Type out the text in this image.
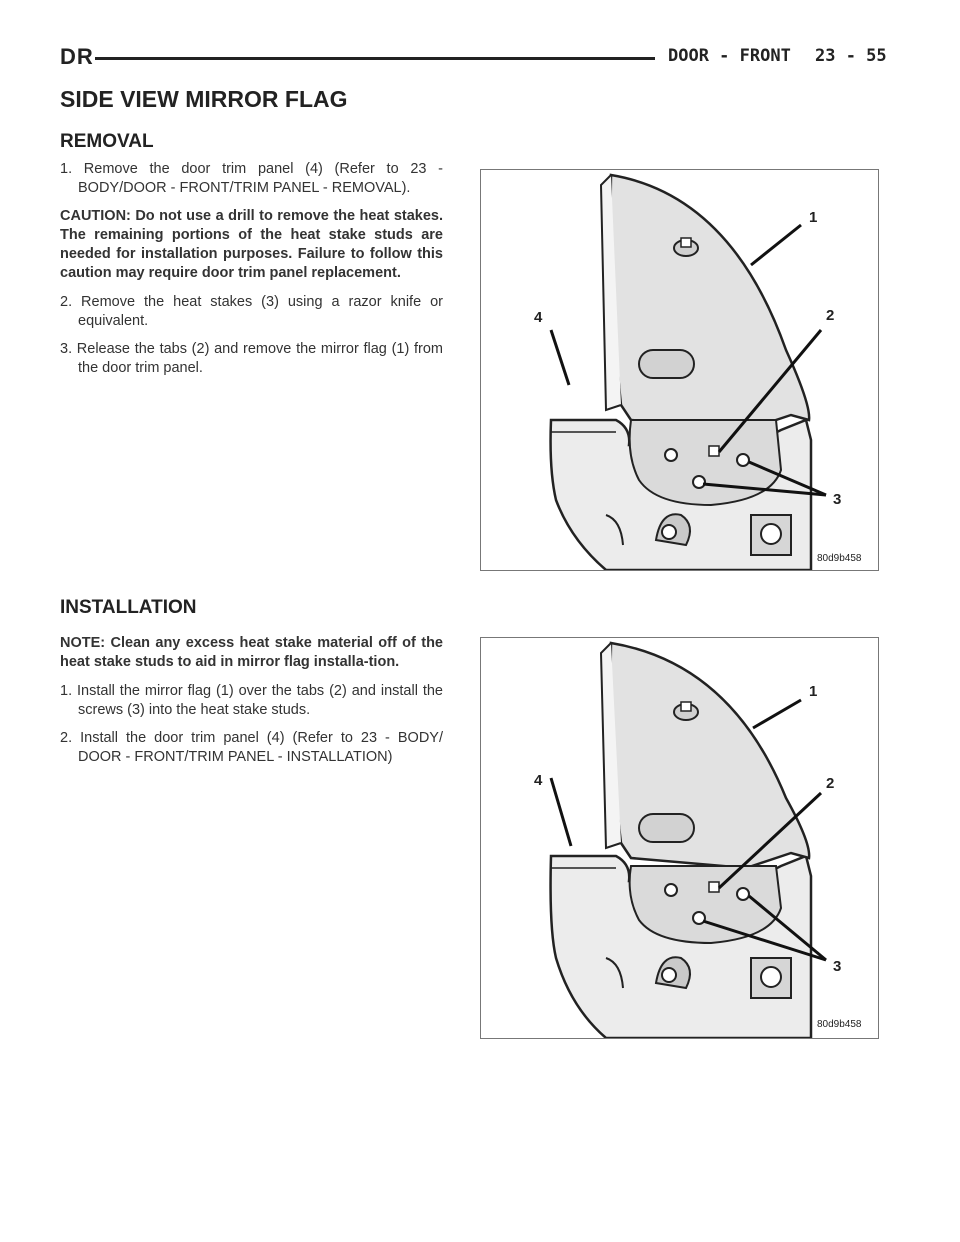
DR	DOOR - FRONT 23 - 55
SIDE VIEW MIRROR FLAG
REMOVAL

1. Remove the door trim panel (4) (Refer to 23 - BODY/DOOR - FRONT/TRIM PANEL - REMOVAL).

CAUTION: Do not use a drill to remove the heat stakes. The remaining portions of the heat stake studs are needed for installation purposes. Failure to follow this caution may require door trim panel replacement.

2. Remove the heat stakes (3) using a razor knife or equivalent.

3. Release the tabs (2) and remove the mirror flag (1) from the door trim panel.

1
2
3
4
80d9b458
INSTALLATION

NOTE: Clean any excess heat stake material off of the heat stake studs to aid in mirror flag installa-tion.

1. Install the mirror flag (1) over the tabs (2) and install the screws (3) into the heat stake studs.

2. Install the door trim panel (4) (Refer to 23 - BODY/ DOOR - FRONT/TRIM PANEL - INSTALLATION)

1
2
3
4
80d9b458
